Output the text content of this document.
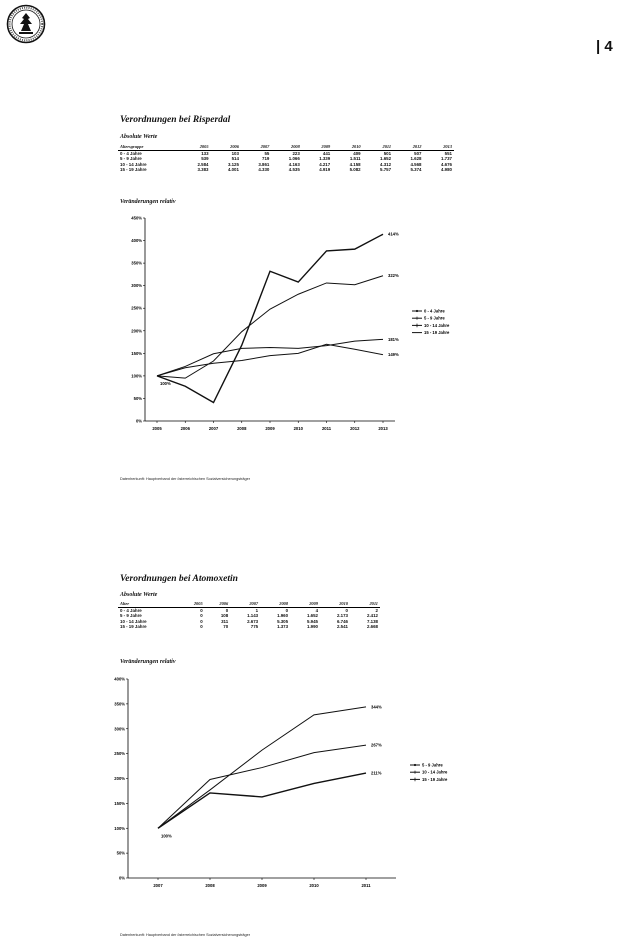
| 4
Verordnungen bei Risperdal
Absolute Werte
Altersgruppe	2005	2006	2007	2008	2009	2010	2011	2012	2013
0 - 4 Jahre	133	103	55	223	441	409	501	507	551
5 - 9 Jahre	539	514	719	1.066	1.339	1.511	1.652	1.628	1.737
10 - 14 Jahre	2.584	3.125	3.861	4.163	4.217	4.158	4.312	4.568	4.676
15 - 19 Jahre	3.383	4.001	4.330	4.535	4.919	5.082	5.757	5.374	4.980
Veränderungen relativ
Datenherkunft: Hauptverband der österreichischen Sozialversicherungsträger
Verordnungen bei Atomoxetin
Absolute Werte
Alter	2005	2006	2007	2008	2009	2010	2011
0 - 4 Jahre	0	0	1	0	4	0	2
5 - 9 Jahre	0	108	1.143	1.960	1.652	2.173	2.412
10 - 14 Jahre	0	311	2.673	5.305	5.945	6.746	7.138
15 - 19 Jahre	0	70	775	1.373	1.990	2.541	2.668
Veränderungen relativ
Datenherkunft: Hauptverband der österreichischen Sozialversicherungsträger
0%
50%
100%
150%
200%
250%
300%
350%
400%
450%
2005	2006	2007	2008	2009	2010	2011	2012	2013
414%
322%
181%
149%
100%
0 - 4 Jahre
5 - 9 Jahre
10 - 14 Jahre
15 - 19 Jahre
0%
50%
100%
150%
200%
250%
300%
350%
400%
2007	2008	2009	2010	2011
344%
267%
211%
100%
5 - 9 Jahre
10 - 14 Jahre
15 - 19 Jahre
